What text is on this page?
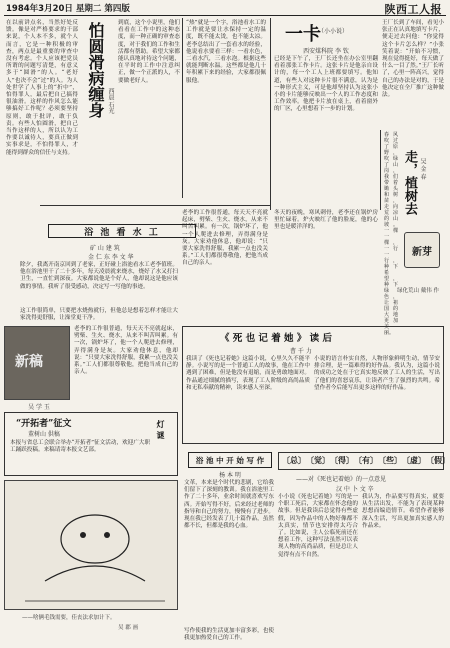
1984年3月20日 星期二 第四版	陕西工人报
在以前讲点名，当然好处反馈。像是对严格要求的干部来说，个人本不多，就个人而言，它是一种积极的审查，两点是最重要的审查中没有考虑。个人应该把党员所谓的问题写清楚，有意义多于“圆滑”的人。“老好人”也决不会“过”的人。为人处世学了人事上的“折中”，怕得罪人，最后把自己搞得很油滑。这样的作风怎么能够搞好工作呢？必须要坚持原则，敢于批评，敢于负责。有些人怕圆滑，把自己当作这样的人，所以认为工作要以诚待人，要真正做到实事求是，不怕得罪人，才能得到群众的信任与支持。
怕圆滑病缠身 西晨 石光
到底，这个小说里，他们看看在工作中的这种态度，而一种正确的审查态度，对于我们的工作和生活都有帮助。希望大家都能认真地对待这个问题，在平时的工作中注意纠正，做一个正派的人，不要做老好人。
“热”就是一个字，浴池看水工的工作就是要让水保持一定的温度，既不能太烫，也不能太凉。老李总结出了一套看水的经验，他说看水要看三样：一看水色，二看水汽，三看水泡。根据这些就能判断水温。这些都是他几十年积累下来的经验，大家都很佩服他。
一卡
（小小说）
西安煤科院 李 钦
已经是下午了，王厂长还坐在办公室里翻看着那张工作卡片。这张卡片是他亲自设计的，每一个工人上班都要填写。他知道，有些人对这种卡片很不满意，认为是一种形式主义，可是他却坚持认为这张小小的卡片能够反映出一个人的工作态度和工作效率。他把卡片放在桌上，看着窗外的厂区，心里想着下一步的计划。
王厂长到了车间，看见小张正在认真地填写卡片，便走过去问他：“你觉得这个卡片怎么样？”小张笑着说：“开始不习惯，现在觉得挺好，每天做了什么一目了然。”王厂长听了，心里一阵高兴，觉得自己的办法是对的，于是他决定在全厂推广这种做法。
走，植树去 吴 金 春
春风吹过了原野，吹绿了山岗，我们带着锄头和树苗，走向荒凉的山坡。一棵一棵，一行一行，种下希望，种下绿色，让祖国的大地更加美丽。
新芽
绿化荒山 戴伟 作
浴 池 看 水 工
矿 山 建 筑
金 仁 东 李 文 华
除夕，我离开南京回到了老家，正好碰上浴池看水工老李值班。他在浴池里干了二十多年，每天凌晨就来烧水，烧好了水又打扫卫生，一直忙到深夜。大家都说他是个好人，他却说这是他应该做的事情。我听了很受感动，决定写一写他的事迹。
这工作很简单，只要把水烧热就行，但他总是想着怎样才能让大家洗得更舒服，让澡堂更干净。
老李的工作很普通，每天天不亮就起床，劈柴、生火、烧水，从来不叫苦叫累。有一次，锅炉坏了，他一个人爬进去修理，弄得满身是灰。大家劝他休息，他却说：“只要大家洗得舒服，我累一点也没关系。”工人们都很尊敬他，把他当成自己的亲人。
冬天的夜晚，寒风刺骨，老李还在锅炉房里忙碌着。炉火映红了他的脸庞，他的心里也是暖洋洋的。
新稿
吴 学 玉
老李的工作很普通，每天天不亮就起床，劈柴、生火、烧水，从来不叫苦叫累。有一次，锅炉坏了，他一个人爬进去修理，弄得满身是灰。大家劝他休息，他却说：“只要大家洗得舒服，我累一点也没关系。”工人们都很尊敬他，把他当成自己的亲人。
“开拓者”征文
董树山 供稿
本报与省总工会联合举办“开拓者”征文活动，欢迎广大职工踊跃投稿。来稿请寄本报文艺部。
灯 谜
——啥俩毛钱需要，佳丧法求加计下。
吴 郡 画
《 死 也 记 着 她 》 读 后
曹 千 力
我读了《死也记着她》这篇小说，心里久久不能平静。小说写的是一个普通工人的故事，他在工作中遇到了困难，但是他没有退缩，而是勇敢地面对。作品通过细腻的描写，表现了工人阶级的高尚品质和无私奉献的精神，读来感人至深。
小说的语言朴实自然，人物形象鲜明生动，情节安排合理，是一篇难得的好作品。我认为，这篇小说的成功之处在于它真实地反映了工人的生活，写出了他们的喜怒哀乐，让读者产生了强烈的共鸣。希望作者今后能写出更多这样的好作品。
浴 池 中 开 始 写 作
杨 本 明
文革，本来是个时代的悲剧，它给我们留下了深刻的教训。我在浴池里工作了二十多年，业余时间就喜欢写东西。开始写得不好，后来经过老师的指导和自己的努力，慢慢有了进步。现在我已经发表了几十篇作品，虽然都不长，但都是我的心血。
写作使我的生活更加丰富多彩，也使我更加热爱自己的工作。
〔总〕 〔觉〕 〔得〕 〔有〕 〔些〕 〔虚〕 〔假〕
——对《死也记着她》的一点意见
汉 中 卜 文 辛
小小说《死也记着她》写的是一个职工死后，大家都在怀念他的故事。但是我读后总觉得有些虚假，因为作品中的人物好像都不太真实，情节也安排得太巧合了。比如说，主人公临死前还在想着工作，这种写法虽然可以表现人物的高尚品质，但是总让人觉得有点不自然。
我认为，作品要写得真实，就要从生活出发，不能为了表现某种思想而编造情节。希望作者能够深入生活，写出更加真实感人的作品来。
